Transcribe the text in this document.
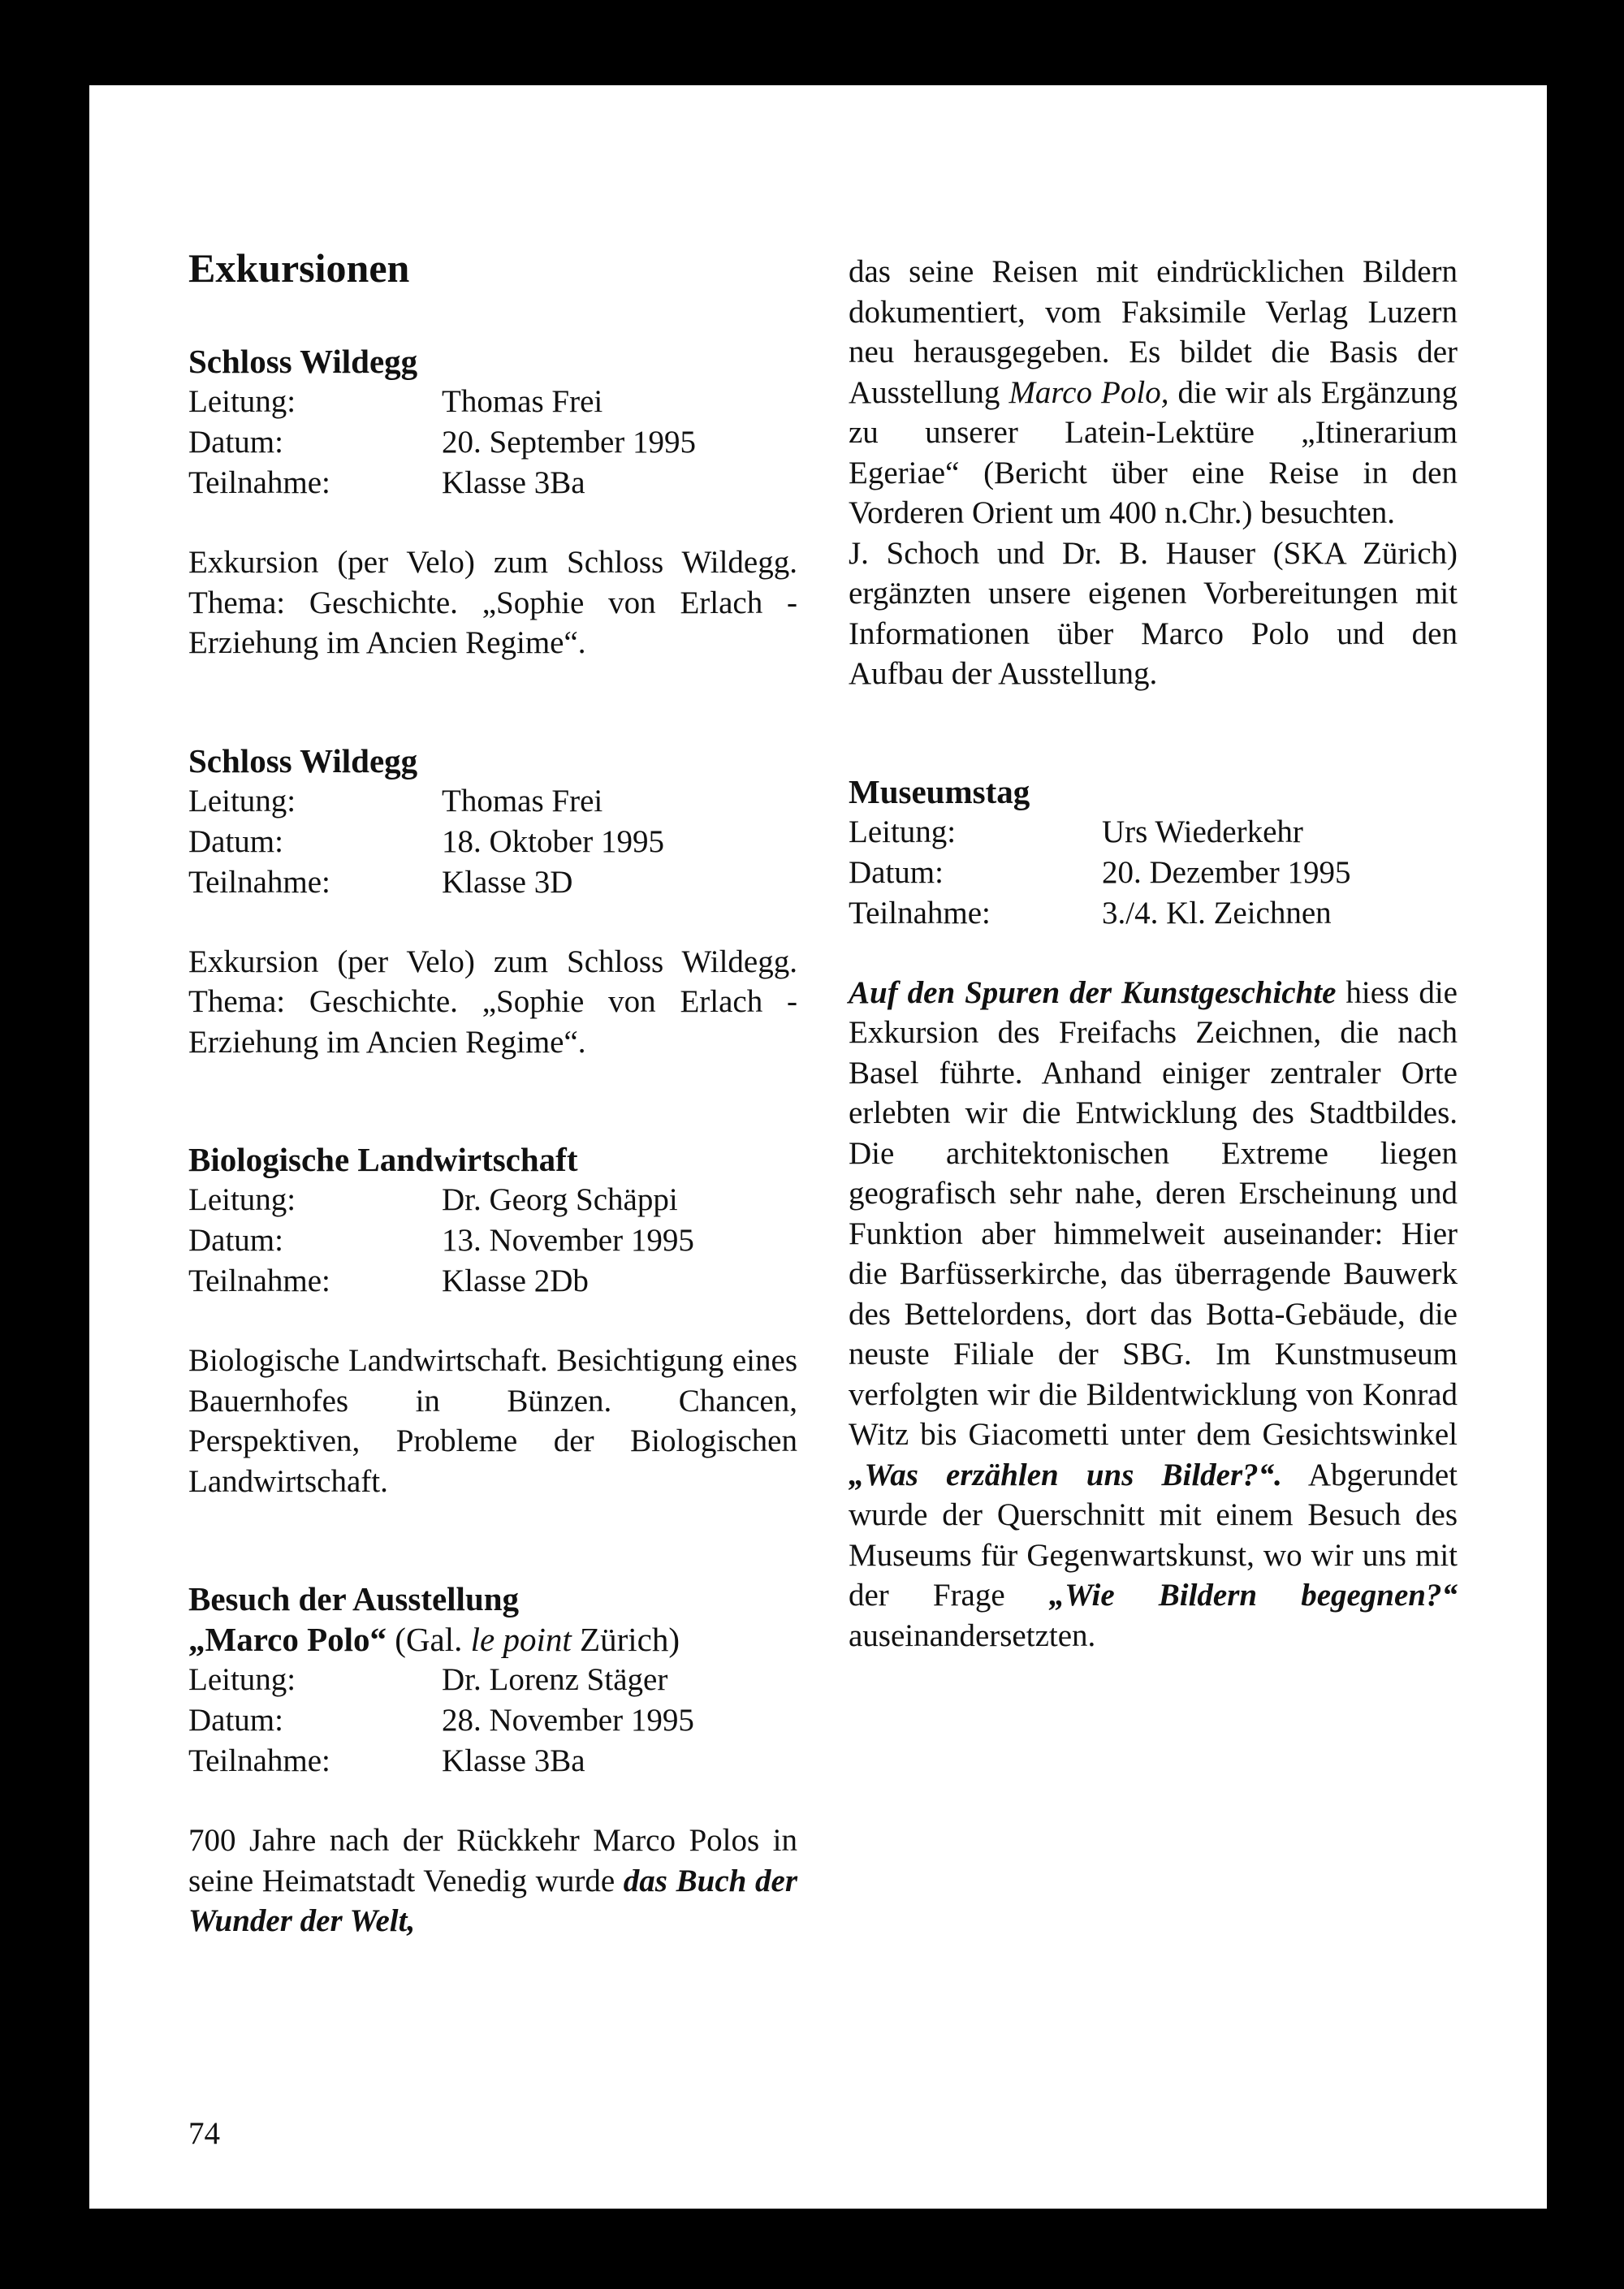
Exkursionen
Schloss Wildegg
Leitung:	Thomas Frei
Datum:	20. September 1995
Teilnahme:	Klasse 3Ba

Exkursion (per Velo) zum Schloss Wildegg. Thema: Geschichte. „Sophie von Erlach - Erziehung im Ancien Regime“.

Schloss Wildegg
Leitung:	Thomas Frei
Datum:	18. Oktober 1995
Teilnahme:	Klasse 3D

Exkursion (per Velo) zum Schloss Wildegg. Thema: Geschichte. „Sophie von Erlach - Erziehung im Ancien Regime“.

Biologische Landwirtschaft
Leitung:	Dr. Georg Schäppi
Datum:	13. November 1995
Teilnahme:	Klasse 2Db

Biologische Landwirtschaft. Besichtigung eines Bauernhofes in Bünzen. Chancen, Perspektiven, Probleme der Biologischen Landwirtschaft.

Besuch der Ausstellung
„Marco Polo“ (Gal. le point Zürich)
Leitung:	Dr. Lorenz Stäger
Datum:	28. November 1995
Teilnahme:	Klasse 3Ba

700 Jahre nach der Rückkehr Marco Polos in seine Heimatstadt Venedig wurde das Buch der Wunder der Welt,

das seine Reisen mit eindrücklichen Bildern dokumentiert, vom Faksimile Verlag Luzern neu herausgegeben. Es bildet die Basis der Ausstellung Marco Polo, die wir als Ergänzung zu unserer Latein-Lektüre „Itinerarium Egeriae“ (Bericht über eine Reise in den Vorderen Orient um 400 n.Chr.) besuchten.

J. Schoch und Dr. B. Hauser (SKA Zürich) ergänzten unsere eigenen Vorbereitungen mit Informationen über Marco Polo und den Aufbau der Ausstellung.

Museumstag
Leitung:	Urs Wiederkehr
Datum:	20. Dezember 1995
Teilnahme:	3./4. Kl. Zeichnen

Auf den Spuren der Kunstgeschichte hiess die Exkursion des Freifachs Zeichnen, die nach Basel führte. Anhand einiger zentraler Orte erlebten wir die Entwicklung des Stadtbildes. Die architektonischen Extreme liegen geografisch sehr nahe, deren Erscheinung und Funktion aber himmelweit auseinander: Hier die Barfüsserkirche, das überragende Bauwerk des Bettelordens, dort das Botta-Gebäude, die neuste Filiale der SBG. Im Kunstmuseum verfolgten wir die Bildentwicklung von Konrad Witz bis Giacometti unter dem Gesichtswinkel „Was erzählen uns Bilder?“. Abgerundet wurde der Querschnitt mit einem Besuch des Museums für Gegenwartskunst, wo wir uns mit der Frage „Wie Bildern begegnen?“ auseinandersetzten.

74
